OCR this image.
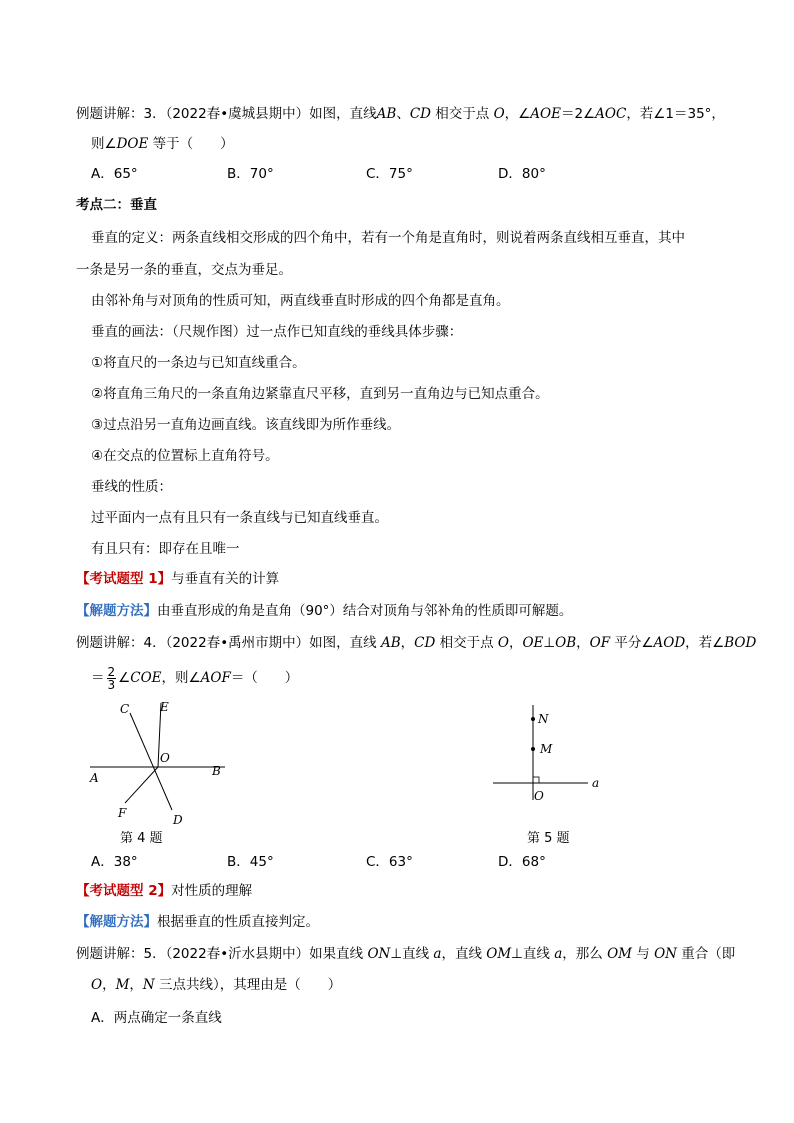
例题讲解：3．（2022春•虞城县期中）如图，直线AB、CD 相交于点 O，∠AOE＝2∠AOC，若∠1＝35°，
则∠DOE 等于（　　）
A．65°	B．70°	C．75°	D．80°
考点二：垂直
垂直的定义：两条直线相交形成的四个角中，若有一个角是直角时，则说着两条直线相互垂直，其中
一条是另一条的垂直，交点为垂足。
由邻补角与对顶角的性质可知，两直线垂直时形成的四个角都是直角。
垂直的画法：（尺规作图）过一点作已知直线的垂线具体步骤：
①将直尺的一条边与已知直线重合。
②将直角三角尺的一条直角边紧靠直尺平移，直到另一直角边与已知点重合。
③过点沿另一直角边画直线。该直线即为所作垂线。
④在交点的位置标上直角符号。
垂线的性质：
过平面内一点有且只有一条直线与已知直线垂直。
有且只有：即存在且唯一
【考试题型 1】与垂直有关的计算
【解题方法】由垂直形成的角是直角（90°）结合对顶角与邻补角的性质即可解题。
例题讲解：4．（2022春•禹州市期中）如图，直线 AB，CD 相交于点 O，OE⊥OB，OF 平分∠AOD，若∠BOD
＝ $\frac{2}{3}$ ∠COE，则∠AOF＝（　　）
C	E
O
A	B
F	D
第 4 题
N
M
a
O
第 5 题
A．38°	B．45°	C．63°	D．68°
【考试题型 2】对性质的理解
【解题方法】根据垂直的性质直接判定。
例题讲解：5．（2022春•沂水县期中）如果直线 ON⊥直线 a，直线 OM⊥直线 a，那么 OM 与 ON 重合（即
O，M，N 三点共线），其理由是（　　）
A．两点确定一条直线
